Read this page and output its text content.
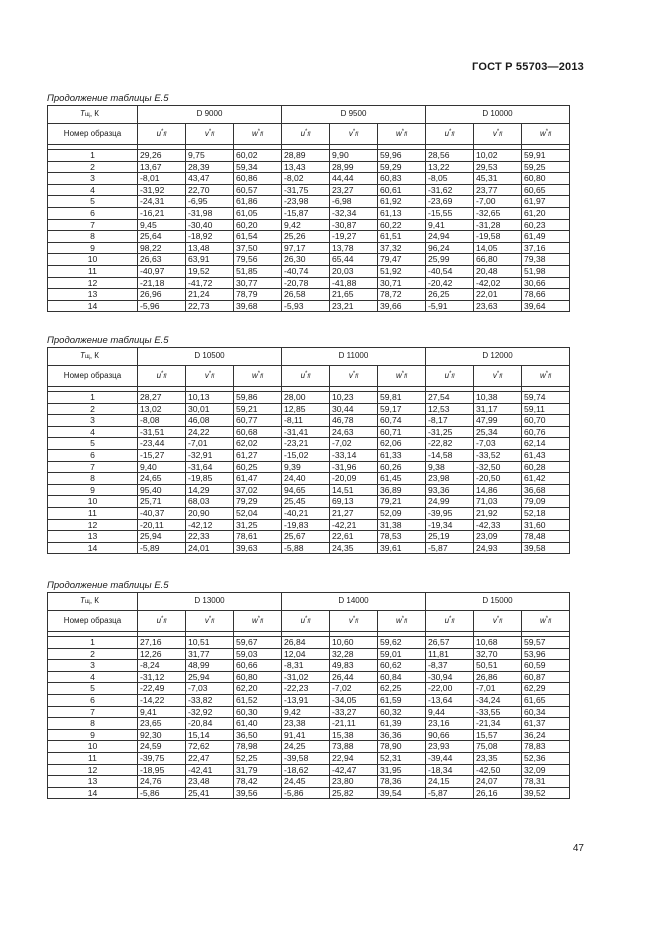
ГОСТ Р 55703—2013
Продолжение таблицы Е.5
Tщ, К	D 9000			D 9500			D 10000		
Номер образца	u*fl	v*fl	w*fl	u*fl	v*fl	w*fl	u*fl	v*fl	w*fl

1	29,26	9,75	60,02	28,89	9,90	59,96	28,56	10,02	59,91
2	13,67	28,39	59,34	13,43	28,99	59,29	13,22	29,53	59,25
3	-8,01	43,47	60,86	-8,02	44,44	60,83	-8,05	45,31	60,80
4	-31,92	22,70	60,57	-31,75	23,27	60,61	-31,62	23,77	60,65
5	-24,31	-6,95	61,86	-23,98	-6,98	61,92	-23,69	-7,00	61,97
6	-16,21	-31,98	61,05	-15,87	-32,34	61,13	-15,55	-32,65	61,20
7	9,45	-30,40	60,20	9,42	-30,87	60,22	9,41	-31,28	60,23
8	25,64	-18,92	61,54	25,26	-19,27	61,51	24,94	-19,58	61,49
9	98,22	13,48	37,50	97,17	13,78	37,32	96,24	14,05	37,16
10	26,63	63,91	79,56	26,30	65,44	79,47	25,99	66,80	79,38
11	-40,97	19,52	51,85	-40,74	20,03	51,92	-40,54	20,48	51,98
12	-21,18	-41,72	30,77	-20,78	-41,88	30,71	-20,42	-42,02	30,66
13	26,96	21,24	78,79	26,58	21,65	78,72	26,25	22,01	78,66
14	-5,96	22,73	39,68	-5,93	23,21	39,66	-5,91	23,63	39,64
Продолжение таблицы Е.5
Tщ, К	D 10500			D 11000			D 12000		
Номер образца	u*fl	v*fl	w*fl	u*fl	v*fl	w*fl	u*fl	v*fl	w*fl

1	28,27	10,13	59,86	28,00	10,23	59,81	27,54	10,38	59,74
2	13,02	30,01	59,21	12,85	30,44	59,17	12,53	31,17	59,11
3	-8,08	46,08	60,77	-8,11	46,78	60,74	-8,17	47,99	60,70
4	-31,51	24,22	60,68	-31,41	24,63	60,71	-31,25	25,34	60,76
5	-23,44	-7,01	62,02	-23,21	-7,02	62,06	-22,82	-7,03	62,14
6	-15,27	-32,91	61,27	-15,02	-33,14	61,33	-14,58	-33,52	61,43
7	9,40	-31,64	60,25	9,39	-31,96	60,26	9,38	-32,50	60,28
8	24,65	-19,85	61,47	24,40	-20,09	61,45	23,98	-20,50	61,42
9	95,40	14,29	37,02	94,65	14,51	36,89	93,36	14,86	36,68
10	25,71	68,03	79,29	25,45	69,13	79,21	24,99	71,03	79,09
11	-40,37	20,90	52,04	-40,21	21,27	52,09	-39,95	21,92	52,18
12	-20,11	-42,12	31,25	-19,83	-42,21	31,38	-19,34	-42,33	31,60
13	25,94	22,33	78,61	25,67	22,61	78,53	25,19	23,09	78,48
14	-5,89	24,01	39,63	-5,88	24,35	39,61	-5,87	24,93	39,58
Продолжение таблицы Е.5
Tщ, К	D 13000			D 14000			D 15000		
Номер образца	u*fl	v*fl	w*fl	u*fl	v*fl	w*fl	u*fl	v*fl	w*fl

1	27,16	10,51	59,67	26,84	10,60	59,62	26,57	10,68	59,57
2	12,26	31,77	59,03	12,04	32,28	59,01	11,81	32,70	53,96
3	-8,24	48,99	60,66	-8,31	49,83	60,62	-8,37	50,51	60,59
4	-31,12	25,94	60,80	-31,02	26,44	60,84	-30,94	26,86	60,87
5	-22,49	-7,03	62,20	-22,23	-7,02	62,25	-22,00	-7,01	62,29
6	-14,22	-33,82	61,52	-13,91	-34,05	61,59	-13,64	-34,24	61,65
7	9,41	-32,92	60,30	9,42	-33,27	60,32	9,44	-33,55	60,34
8	23,65	-20,84	61,40	23,38	-21,11	61,39	23,16	-21,34	61,37
9	92,30	15,14	36,50	91,41	15,38	36,36	90,66	15,57	36,24
10	24,59	72,62	78,98	24,25	73,88	78,90	23,93	75,08	78,83
11	-39,75	22,47	52,25	-39,58	22,94	52,31	-39,44	23,35	52,36
12	-18,95	-42,41	31,79	-18,62	-42,47	31,95	-18,34	-42,50	32,09
13	24,76	23,48	78,42	24,45	23,80	78,36	24,15	24,07	78,31
14	-5,86	25,41	39,56	-5,86	25,82	39,54	-5,87	26,16	39,52
47
